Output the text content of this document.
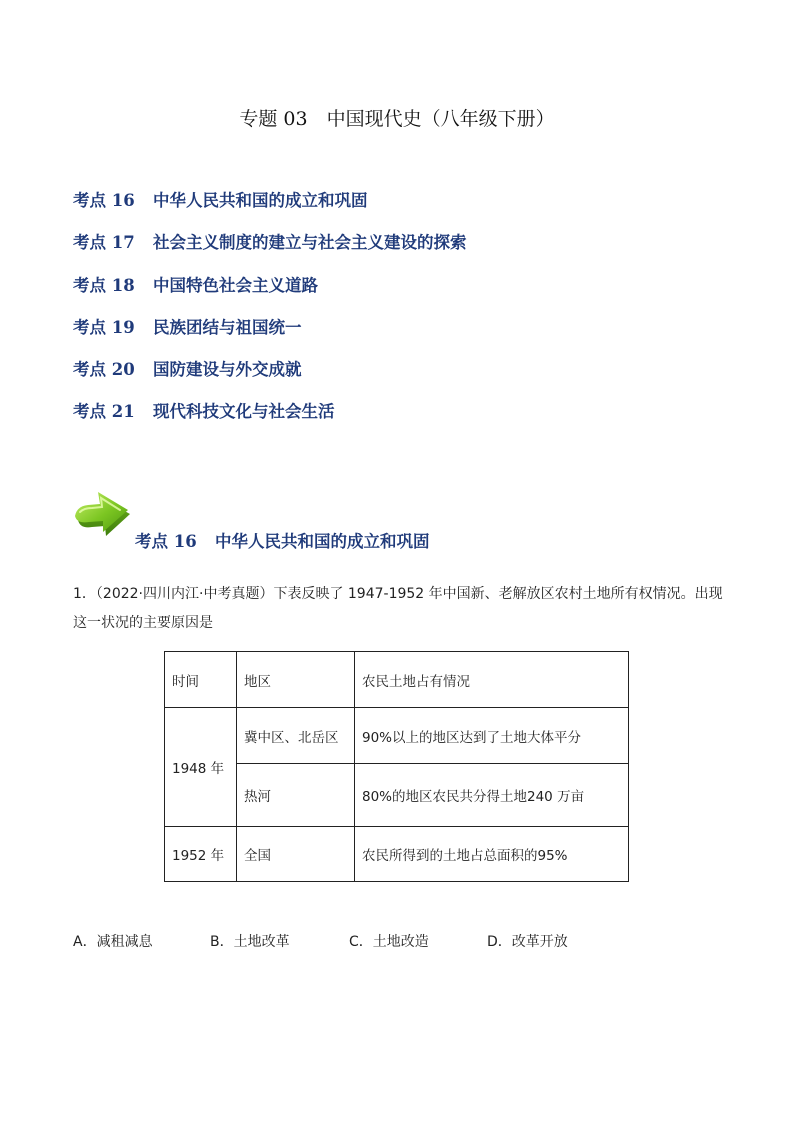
专题 03　中国现代史（八年级下册）
考点 16 中华人民共和国的成立和巩固
考点 17 社会主义制度的建立与社会主义建设的探索
考点 18 中国特色社会主义道路
考点 19 民族团结与祖国统一
考点 20 国防建设与外交成就
考点 21 现代科技文化与社会生活
考点 16 中华人民共和国的成立和巩固
1．（2022·四川内江·中考真题）下表反映了 1947-1952 年中国新、老解放区农村土地所有权情况。出现这一状况的主要原因是
时间	地区	农民土地占有情况
1948 年	冀中区、北岳区	90%以上的地区达到了土地大体平分
	热河	80%的地区农民共分得土地240 万亩
1952 年	全国	农民所得到的土地占总面积的95%
A．减租减息	B．土地改革	C．土地改造	D．改革开放
